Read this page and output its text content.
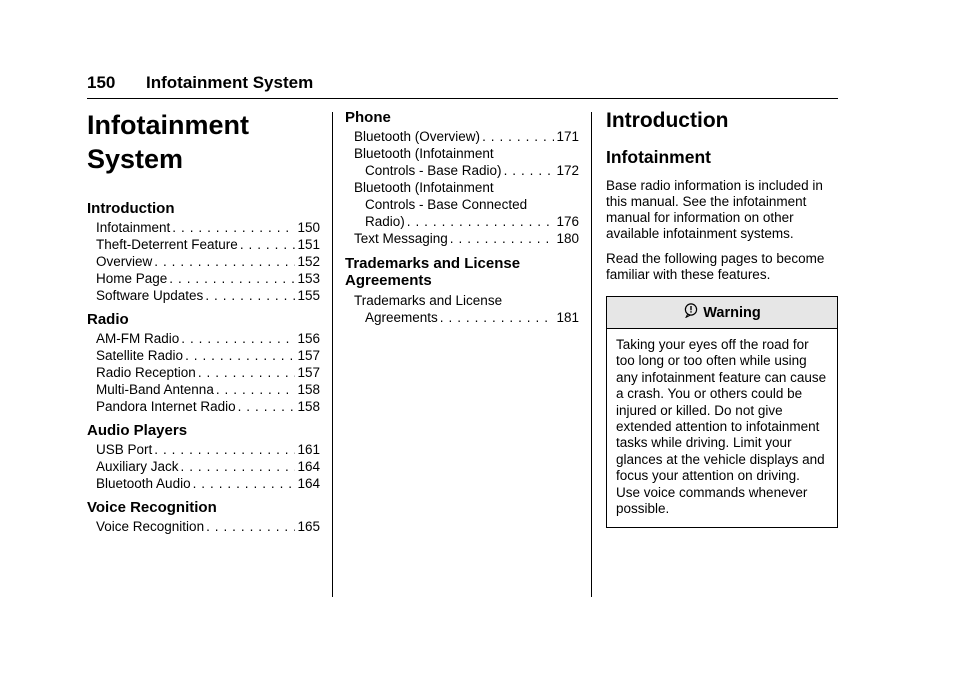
150 Infotainment System
Infotainment
System
Introduction
Infotainment . . .	150
Theft-Deterrent Feature . . .	151
Overview . . .	152
Home Page . . .	153
Software Updates . . .	155
Radio
AM-FM Radio . . .	156
Satellite Radio . . .	157
Radio Reception . . .	157
Multi-Band Antenna . . .	158
Pandora Internet Radio . . .	158
Audio Players
USB Port . . .	161
Auxiliary Jack . . .	164
Bluetooth Audio . . .	164
Voice Recognition
Voice Recognition . . .	165
Phone
Bluetooth (Overview) . . .	171
Bluetooth (Infotainment
Controls - Base Radio) . . .	172
Bluetooth (Infotainment
Controls - Base Connected
Radio) . . .	176
Text Messaging . . .	180
Trademarks and License
Agreements
Trademarks and License
Agreements . . .	181
Introduction
Infotainment

Base radio information is included in this manual. See the infotainment manual for information on other available infotainment systems.

Read the following pages to become familiar with these features.

Warning
Taking your eyes off the road for too long or too often while using any infotainment feature can cause a crash. You or others could be injured or killed. Do not give extended attention to infotainment tasks while driving. Limit your glances at the vehicle displays and focus your attention on driving. Use voice commands whenever possible.
